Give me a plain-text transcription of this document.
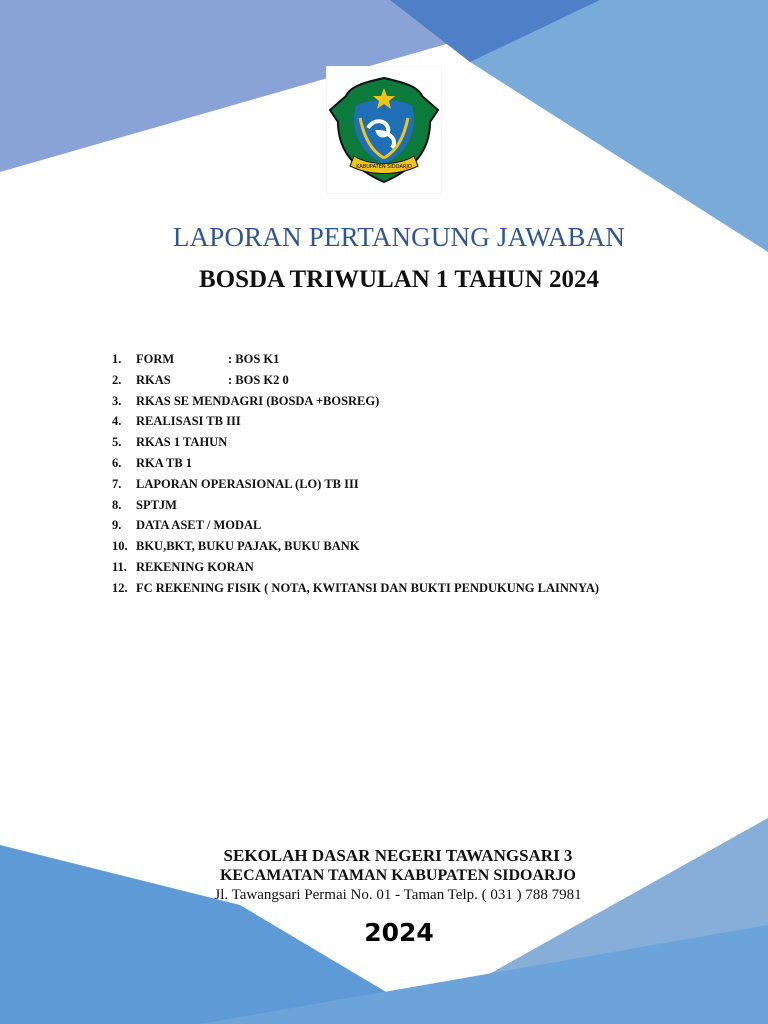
KABUPATEN SIDOARJO
LAPORAN PERTANGUNG JAWABAN
BOSDA TRIWULAN 1 TAHUN 2024
1. FORM	: BOS K1
2. RKAS	: BOS K2 0
3. RKAS SE MENDAGRI (BOSDA +BOSREG)
4. REALISASI TB III
5. RKAS 1 TAHUN
6. RKA TB 1
7. LAPORAN OPERASIONAL (LO) TB III
8. SPTJM
9. DATA ASET / MODAL
10. BKU,BKT, BUKU PAJAK, BUKU BANK
11. REKENING KORAN
12. FC REKENING FISIK ( NOTA, KWITANSI DAN BUKTI PENDUKUNG LAINNYA)
SEKOLAH DASAR NEGERI TAWANGSARI 3
KECAMATAN TAMAN KABUPATEN SIDOARJO
Jl. Tawangsari Permai No. 01 - Taman Telp. ( 031 ) 788 7981
2024
